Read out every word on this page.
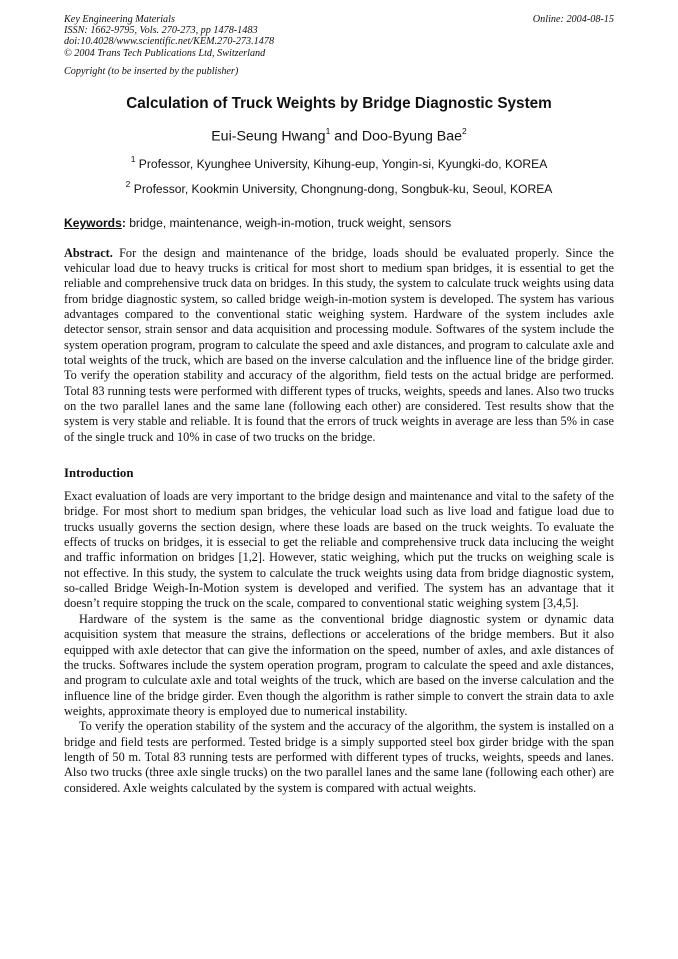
Online: 2004-08-15
Key Engineering Materials
ISSN: 1662-9795, Vols. 270-273, pp 1478-1483
doi:10.4028/www.scientific.net/KEM.270-273.1478
© 2004 Trans Tech Publications Ltd, Switzerland
Copyright (to be inserted by the publisher)
Calculation of Truck Weights by Bridge Diagnostic System
Eui-Seung Hwang$^1$ and Doo-Byung Bae$^2$
$^1$ Professor, Kyunghee University, Kihung-eup, Yongin-si, Kyungki-do, KOREA
$^2$ Professor, Kookmin University, Chongnung-dong, Songbuk-ku, Seoul, KOREA
Keywords: bridge, maintenance, weigh-in-motion, truck weight, sensors
Abstract. For the design and maintenance of the bridge, loads should be evaluated properly. Since the vehicular load due to heavy trucks is critical for most short to medium span bridges, it is essential to get the reliable and comprehensive truck data on bridges. In this study, the system to calculate truck weights using data from bridge diagnostic system, so called bridge weigh-in-motion system is developed. The system has various advantages compared to the conventional static weighing system. Hardware of the system includes axle detector sensor, strain sensor and data acquisition and processing module. Softwares of the system include the system operation program, program to calculate the speed and axle distances, and program to calculate axle and total weights of the truck, which are based on the inverse calculation and the influence line of the bridge girder. To verify the operation stability and accuracy of the algorithm, field tests on the actual bridge are performed. Total 83 running tests were performed with different types of trucks, weights, speeds and lanes. Also two trucks on the two parallel lanes and the same lane (following each other) are considered. Test results show that the system is very stable and reliable. It is found that the errors of truck weights in average are less than 5% in case of the single truck and 10% in case of two trucks on the bridge.
Introduction
Exact evaluation of loads are very important to the bridge design and maintenance and vital to the safety of the bridge. For most short to medium span bridges, the vehicular load such as live load and fatigue load due to trucks usually governs the section design, where these loads are based on the truck weights. To evaluate the effects of trucks on bridges, it is essecial to get the reliable and comprehensive truck data inclucing the weight and traffic information on bridges [1,2]. However, static weighing, which put the trucks on weighing scale is not effective. In this study, the system to calculate the truck weights using data from bridge diagnostic system, so-called Bridge Weigh-In-Motion system is developed and verified. The system has an advantage that it doesn’t require stopping the truck on the scale, compared to conventional static weighing system [3,4,5].
Hardware of the system is the same as the conventional bridge diagnostic system or dynamic data acquisition system that measure the strains, deflections or accelerations of the bridge members. But it also equipped with axle detector that can give the information on the speed, number of axles, and axle distances of the trucks. Softwares include the system operation program, program to calculate the speed and axle distances, and program to culculate axle and total weights of the truck, which are based on the inverse calculation and the influence line of the bridge girder. Even though the algorithm is rather simple to convert the strain data to axle weights, approximate theory is employed due to numerical instability.
To verify the operation stability of the system and the accuracy of the algorithm, the system is installed on a bridge and field tests are performed. Tested bridge is a simply supported steel box girder bridge with the span length of 50 m. Total 83 running tests are performed with different types of trucks, weights, speeds and lanes. Also two trucks (three axle single trucks) on the two parallel lanes and the same lane (following each other) are considered. Axle weights calculated by the system is compared with actual weights.
